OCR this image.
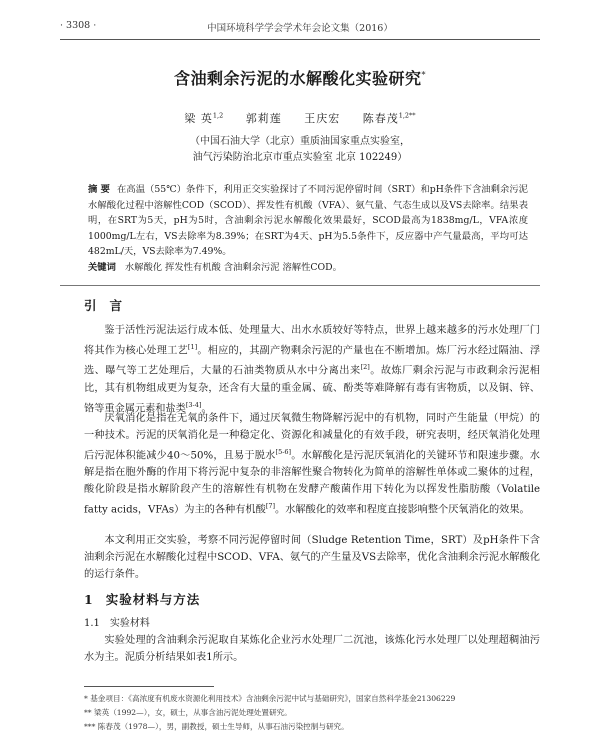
· 3308 ·	中国环境科学学会学术年会论文集（2016）
含油剩余污泥的水解酸化实验研究*
梁 英$^{1,2}$ 郭莉莲 王庆宏 陈春茂$^{1,2**}$
（中国石油大学（北京）重质油国家重点实验室，
油气污染防治北京市重点实验室 北京 102249）
摘 要 在高温（55℃）条件下，利用正交实验探讨了不同污泥停留时间（SRT）和pH条件下含油剩余污泥水解酸化过程中溶解性COD（SCOD）、挥发性有机酸（VFA）、氨气量、气态生成以及VS去除率。结果表明，在SRT为5天，pH为5时，含油剩余污泥水解酸化效果最好，SCOD最高为1838mg/L，VFA浓度1000mg/L左右，VS去除率为8.39%；在SRT为4天、pH为5.5条件下，反应器中产气量最高，平均可达482mL/天，VS去除率为7.49%。
关键词 水解酸化 挥发性有机酸 含油剩余污泥 溶解性COD。
引 言
鉴于活性污泥法运行成本低、处理量大、出水水质较好等特点，世界上越来越多的污水处理厂门将其作为核心处理工艺[1]。相应的，其副产物剩余污泥的产量也在不断增加。炼厂污水经过隔油、浮选、曝气等工艺处理后，大量的石油类物质从水中分离出来[2]。故炼厂剩余污泥与市政剩余污泥相比，其有机物组成更为复杂，还含有大量的重金属、硫、酚类等难降解有毒有害物质，以及铜、锌、铬等重金属元素和盐类[3-4]。
厌氧消化是指在无氧的条件下，通过厌氧微生物降解污泥中的有机物，同时产生能量（甲烷）的一种技术。污泥的厌氧消化是一种稳定化、资源化和减量化的有效手段，研究表明，经厌氧消化处理后污泥体积能减少40～50%，且易于脱水[5-6]。水解酸化是污泥厌氧消化的关键环节和限速步骤。水解是指在胞外酶的作用下将污泥中复杂的非溶解性聚合物转化为简单的溶解性单体或二聚体的过程，酸化阶段是指水解阶段产生的溶解性有机物在发酵产酸菌作用下转化为以挥发性脂肪酸（Volatile fatty acids，VFAs）为主的各种有机酸[7]。水解酸化的效率和程度直接影响整个厌氧消化的效果。
本文利用正交实验，考察不同污泥停留时间（Sludge Retention Time，SRT）及pH条件下含油剩余污泥在水解酸化过程中SCOD、VFA、氨气的产生量及VS去除率，优化含油剩余污泥水解酸化的运行条件。
1 实验材料与方法
1.1 实验材料
实验处理的含油剩余污泥取自某炼化企业污水处理厂二沉池，该炼化污水处理厂以处理超稠油污水为主。泥质分析结果如表1所示。
* 基金项目：《高浓度有机废水资源化利用技术》含油剩余污泥中试与基础研究》，国家自然科学基金21306229
** 梁英（1992—），女，硕士，从事含油污泥处理处置研究。
*** 陈春茂（1978—），男，副教授，硕士生导师，从事石油污染控制与研究。
